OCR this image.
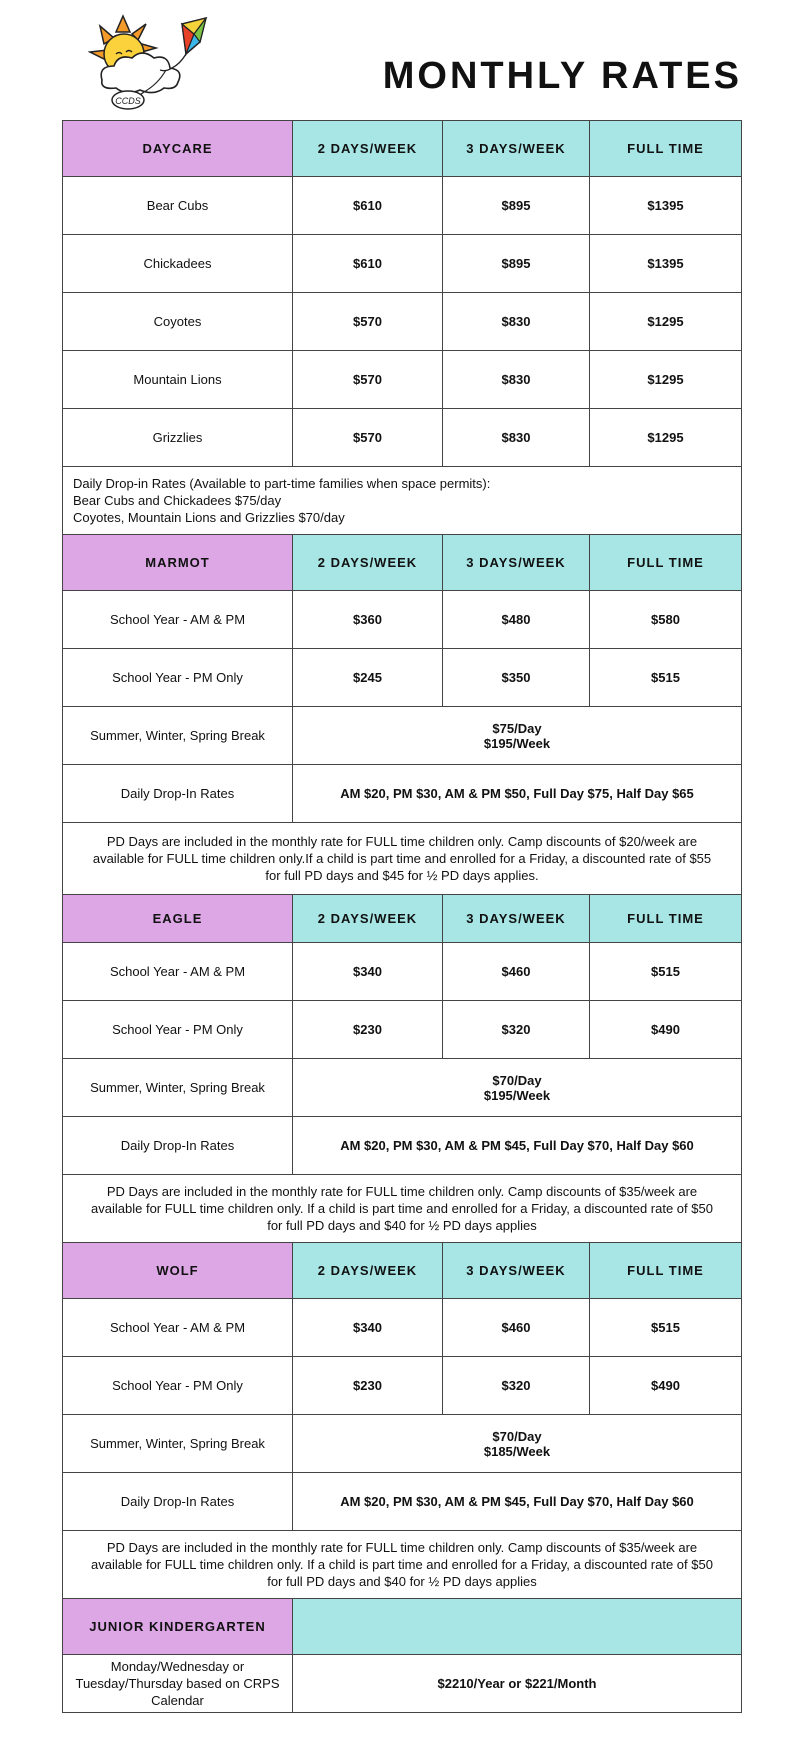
CCDS
MONTHLY RATES
DAYCARE	2 DAYS/WEEK	3 DAYS/WEEK	FULL TIME
Bear Cubs	$610	$895	$1395
Chickadees	$610	$895	$1395
Coyotes	$570	$830	$1295
Mountain Lions	$570	$830	$1295
Grizzlies	$570	$830	$1295

Daily Drop-in Rates (Available to part-time families when space permits):
Bear Cubs and Chickadees $75/day
Coyotes, Mountain Lions and Grizzlies $70/day			

MARMOT	2 DAYS/WEEK	3 DAYS/WEEK	FULL TIME
School Year - AM & PM	$360	$480	$580
School Year - PM Only	$245	$350	$515
Summer, Winter, Spring Break	$75/Day
$195/Week		

Daily Drop-In Rates	AM $20, PM $30, AM & PM $50, Full Day $75, Half Day $65		

PD Days are included in the monthly rate for FULL time children only. Camp discounts of $20/week are
available for FULL time children only.If a child is part time and enrolled for a Friday, a discounted rate of $55
for full PD days and $45 for ½ PD days applies.			

EAGLE	2 DAYS/WEEK	3 DAYS/WEEK	FULL TIME
School Year - AM & PM	$340	$460	$515
School Year - PM Only	$230	$320	$490
Summer, Winter, Spring Break	$70/Day
$195/Week		

Daily Drop-In Rates	AM $20, PM $30, AM & PM $45, Full Day $70, Half Day $60		

PD Days are included in the monthly rate for FULL time children only. Camp discounts of $35/week are
available for FULL time children only. If a child is part time and enrolled for a Friday, a discounted rate of $50
for full PD days and $40 for ½ PD days applies			

WOLF	2 DAYS/WEEK	3 DAYS/WEEK	FULL TIME
School Year - AM & PM	$340	$460	$515
School Year - PM Only	$230	$320	$490
Summer, Winter, Spring Break	$70/Day
$185/Week		

Daily Drop-In Rates	AM $20, PM $30, AM & PM $45, Full Day $70, Half Day $60		

PD Days are included in the monthly rate for FULL time children only. Camp discounts of $35/week are
available for FULL time children only. If a child is part time and enrolled for a Friday, a discounted rate of $50
for full PD days and $40 for ½ PD days applies			

JUNIOR KINDERGARTEN			

Monday/Wednesday or
Tuesday/Thursday based on CRPS
Calendar	$2210/Year or $221/Month		
